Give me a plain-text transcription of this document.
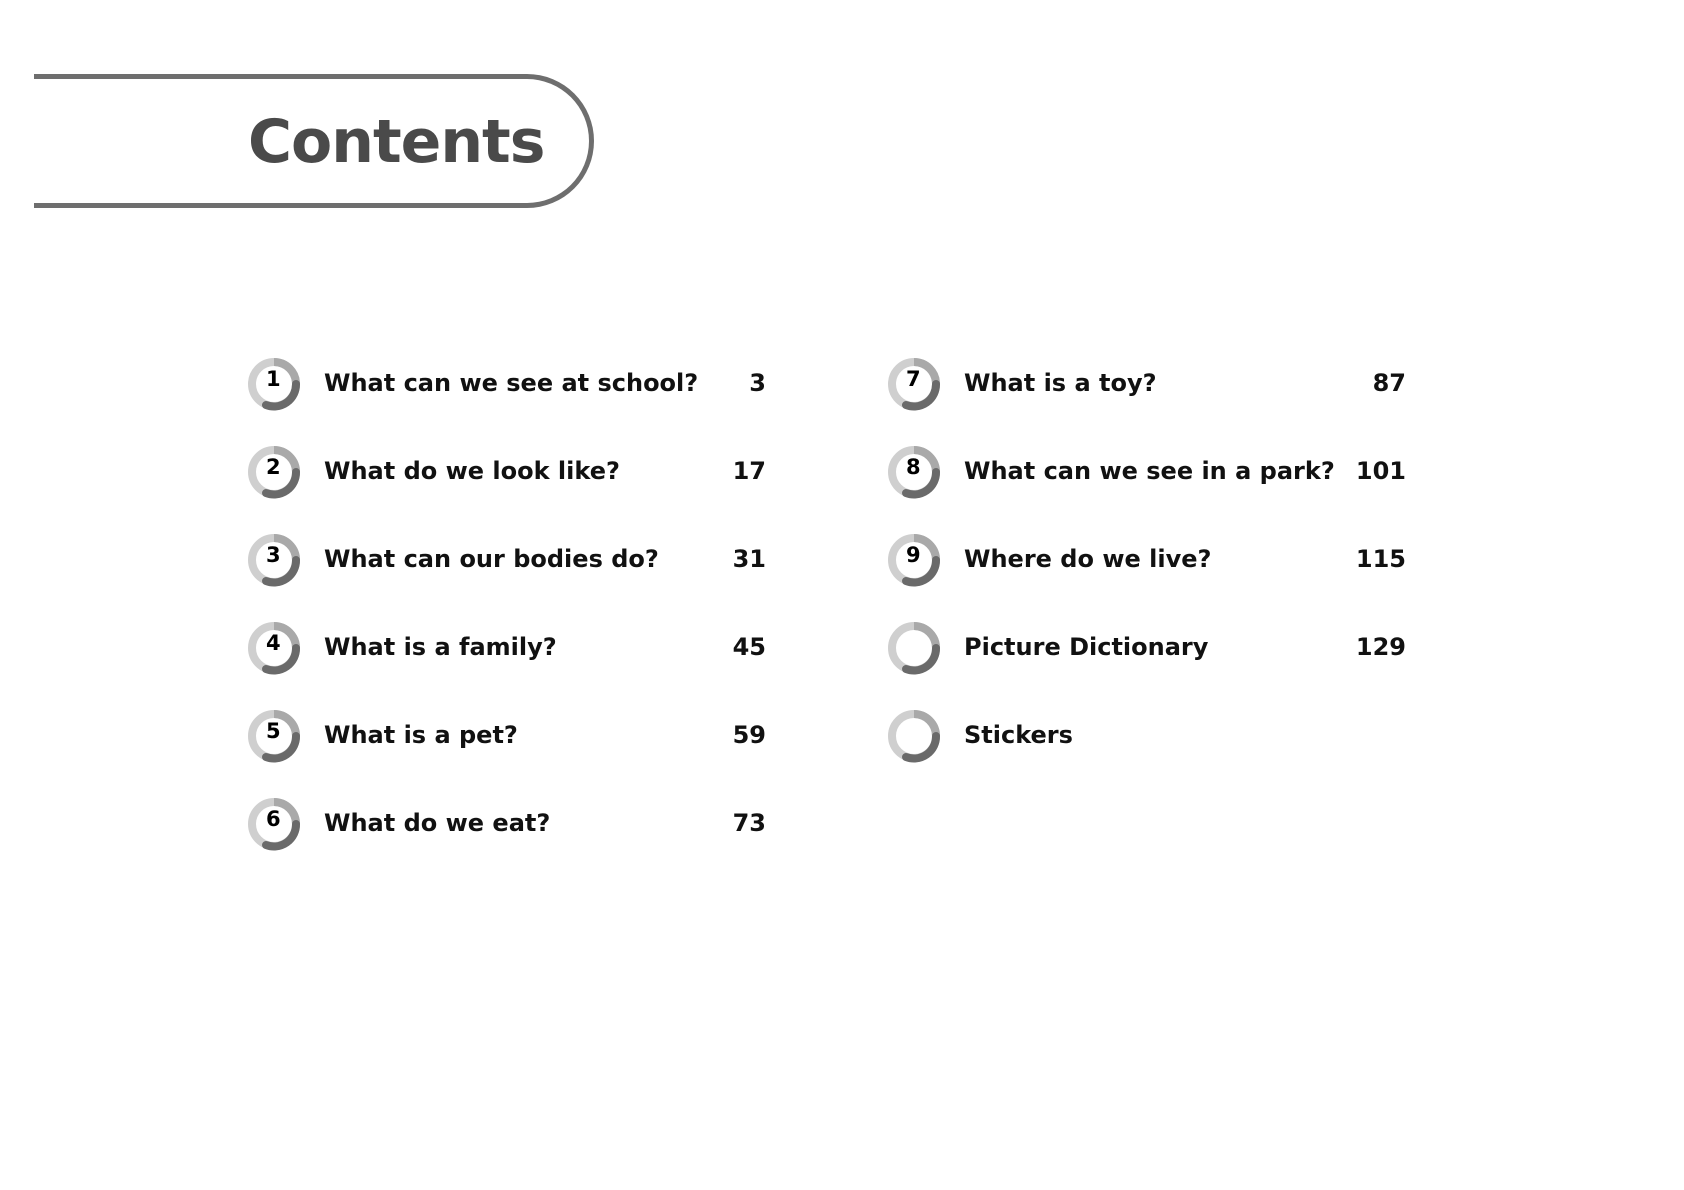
Contents
1 What can we see at school? 3
2 What do we look like?	17
3 What can our bodies do?	31
4 What is a family?	45
5 What is a pet?	59
6 What do we eat?	73
7 What is a toy?	87
8 What can we see in a park? 101
9 Where do we live?	115
Picture Dictionary	129
Stickers
